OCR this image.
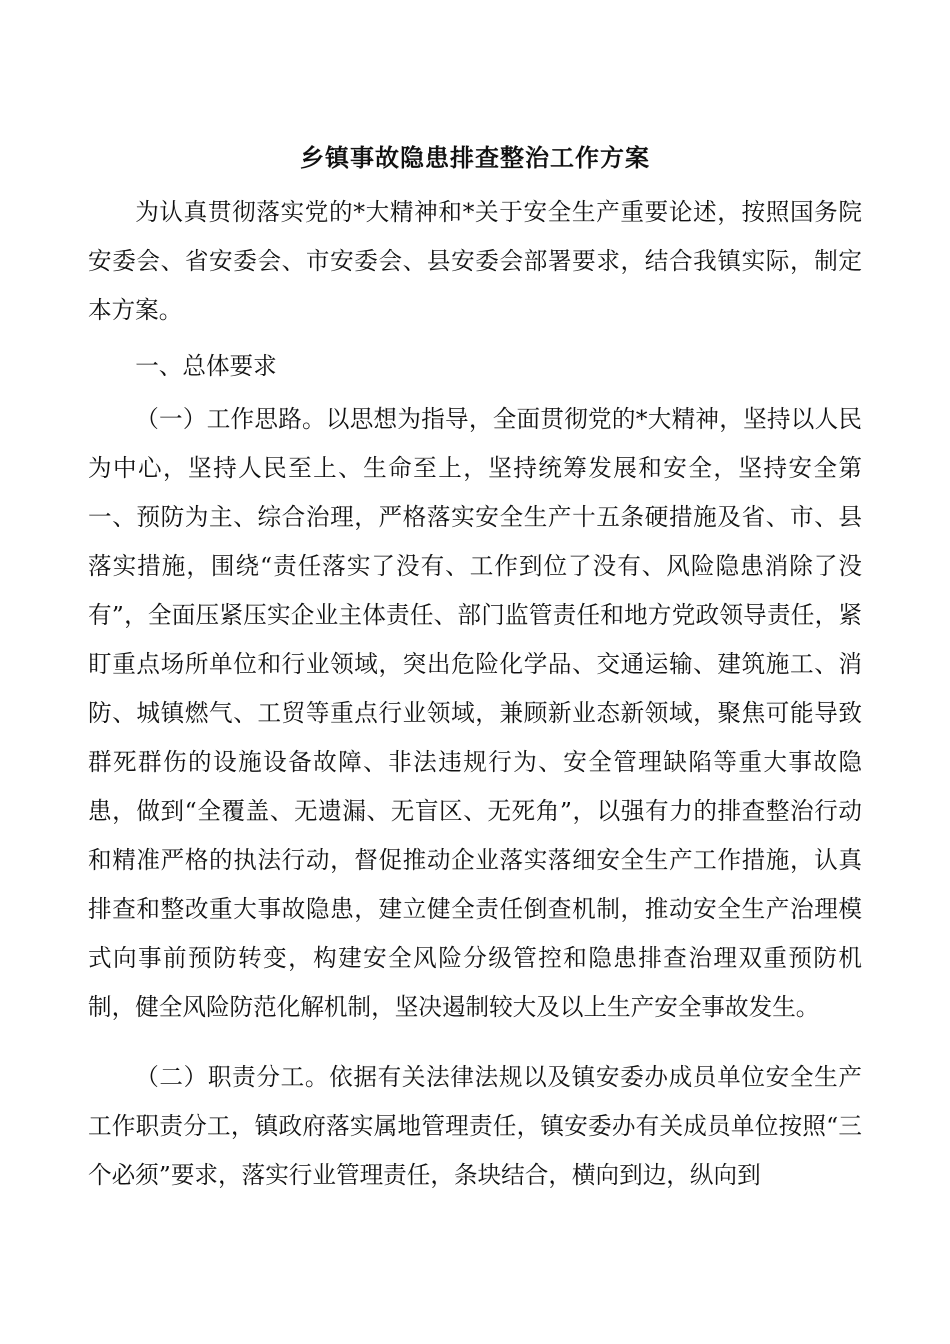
乡镇事故隐患排查整治工作方案

为认真贯彻落实党的*大精神和*关于安全生产重要论述，按照国务院安委会、省安委会、市安委会、县安委会部署要求，结合我镇实际，制定本方案。

一、总体要求

（一）工作思路。以思想为指导，全面贯彻党的*大精神，坚持以人民为中心，坚持人民至上、生命至上，坚持统筹发展和安全，坚持安全第一、预防为主、综合治理，严格落实安全生产十五条硬措施及省、市、县落实措施，围绕“责任落实了没有、工作到位了没有、风险隐患消除了没有”，全面压紧压实企业主体责任、部门监管责任和地方党政领导责任，紧盯重点场所单位和行业领域，突出危险化学品、交通运输、建筑施工、消防、城镇燃气、工贸等重点行业领域，兼顾新业态新领域，聚焦可能导致群死群伤的设施设备故障、非法违规行为、安全管理缺陷等重大事故隐患，做到“全覆盖、无遗漏、无盲区、无死角”，以强有力的排查整治行动和精准严格的执法行动，督促推动企业落实落细安全生产工作措施，认真排查和整改重大事故隐患，建立健全责任倒查机制，推动安全生产治理模式向事前预防转变，构建安全风险分级管控和隐患排查治理双重预防机制，健全风险防范化解机制，坚决遏制较大及以上生产安全事故发生。

（二）职责分工。依据有关法律法规以及镇安委办成员单位安全生产工作职责分工，镇政府落实属地管理责任，镇安委办有关成员单位按照“三个必须”要求，落实行业管理责任，条块结合，横向到边，纵向到
